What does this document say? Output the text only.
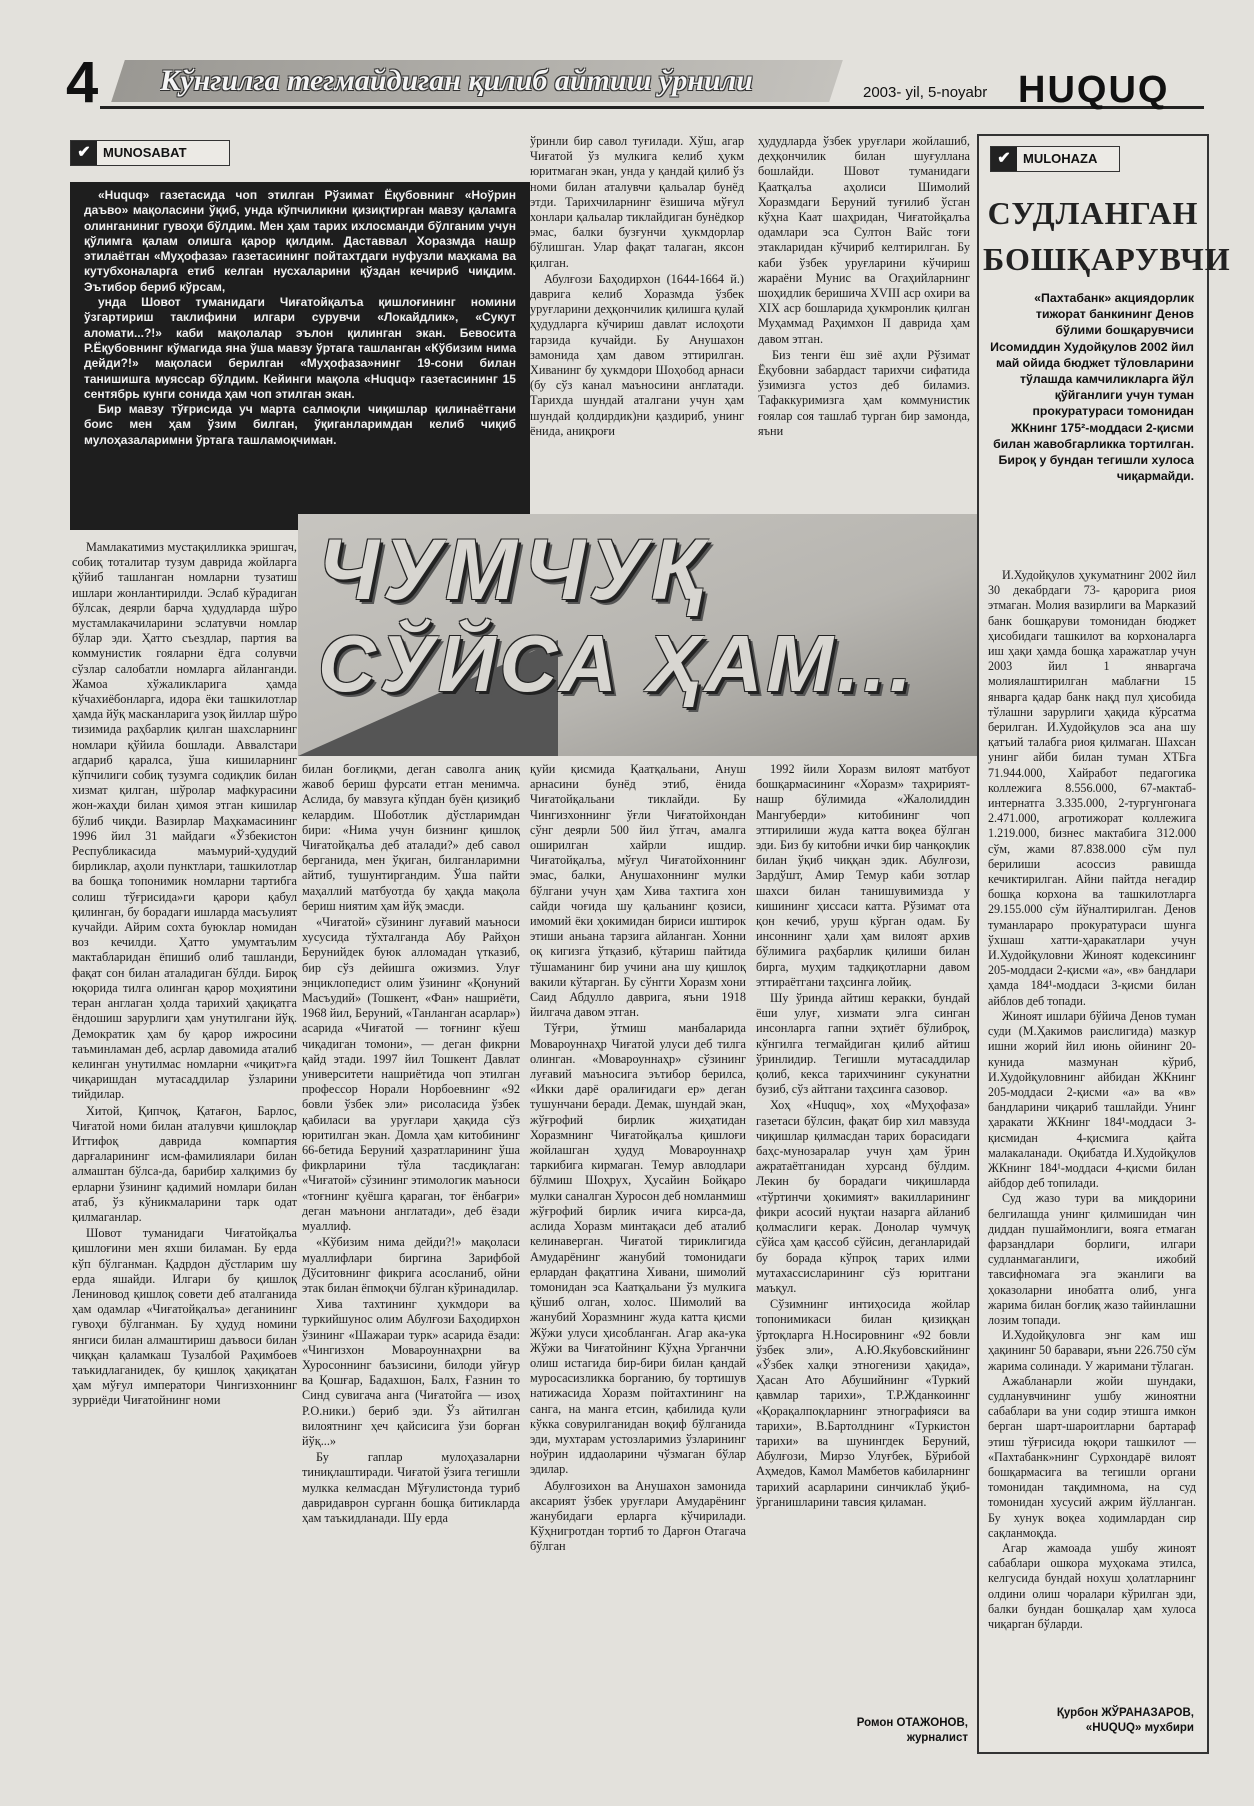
4 Кўнгилга тегмайдиган қилиб айтиш ўрнили	2003- yil, 5-noyabr HUQUQ
✔ MUNOSABAT

«Huquq» газетасида чоп этилган Рўзимат Ёқубовнинг «Ноўрин даъво» мақоласини ўқиб, унда кўпчиликни қизиқтирган мавзу қаламга олинганиниг гувоҳи бўлдим. Мен ҳам тарих ихлосманди бўлганим учун қўлимга қалам олишга қарор қилдим. Даставвал Хоразмда нашр этилаётган «Муҳофаза» газетасининг пойтахтдаги нуфузли маҳкама ва кутубхоналарга етиб келган нусхаларини қўздан кечириб чиқдим. Эътибор бериб кўрсам,

унда Шовот туманидаги Чиғатойқалъа қишлоғининг номини ўзгартириш таклифини илгари сурувчи «Локайдлик», «Сукут аломати...?!» каби мақолалар эълон қилинган экан. Бевосита Р.Ёқубовнинг кўмагида яна ўша мавзу ўртага ташланган «Кўбизим нима дейди?!» мақоласи берилган «Муҳофаза»нинг 19-сони билан танишишга муяссар бўлдим. Кейинги мақола «Huquq» газетасининг 15 сентябрь кунги сонида ҳам чоп этилган экан.

Бир мавзу тўғрисида уч марта салмоқли чиқишлар қилинаётгани боис мен ҳам ўзим билган, ўқиганларимдан келиб чиқиб мулоҳазаларимни ўртага ташламоқчиман.

ўринли бир савол туғилади. Хўш, агар Чиғатой ўз мулкига келиб ҳукм юритмаган экан, унда у қандай қилиб ўз номи билан аталувчи қальалар бунёд этди. Тарихчиларнинг ёзишича мўғул хонлари қальалар тиклайдиган бунёдкор эмас, балки бузғунчи ҳукмдорлар бўлишган. Улар фақат талаган, яксон қилган.

Абулғози Баҳодирхон (1644-1664 й.) даврига келиб Хоразмда ўзбек уруғларини деҳқончилик қилишга қулай ҳудудларга кўчириш давлат ислоҳоти тарзида кучайди. Бу Анушахон замонида ҳам давом эттирилган. Хиванинг бу ҳукмдори Шоҳобод арнаси (бу сўз канал маъносини англатади. Тарихда шундай аталгани учун ҳам шундай қолдирдик)ни қаздириб, унинг ёнида, аниқроғи

ҳудудларда ўзбек уруғлари жойлашиб, деҳқончилик билан шуғуллана бошлайди. Шовот туманидаги Қаатқалъа аҳолиси Шимолий Хоразмдаги Беруний туғилиб ўсган кўҳна Каат шаҳридан, Чиғатойқалъа одамлари эса Султон Вайс тоғи этакларидан кўчириб келтирилган. Бу каби ўзбек уруғларини кўчириш жараёни Мунис ва Огаҳийларнинг шоҳидлик беришича XVIII аср охири ва XIX аср бошларида ҳукмронлик қилган Муҳаммад Раҳимхон II даврида ҳам давом этган.

Биз тенги ёш зиё аҳли Рўзимат Ёқубовни забардаст тарихчи сифатида ўзимизга устоз деб биламиз. Тафаккуримизга ҳам коммунистик ғоялар соя ташлаб турган бир замонда, яъни

ЧУМЧУҚ
СЎЙСА ҲАМ...

Мамлакатимиз мустақилликка эришгач, собиқ тоталитар тузум даврида жойларга қўйиб ташланган номларни тузатиш ишлари жонлантирилди. Эслаб кўрадиган бўлсак, деярли барча ҳудудларда шўро мустамлакачиларини эслатувчи номлар бўлар эди. Ҳатто съездлар, партия ва коммунистик гояларни ёдга солувчи сўзлар салобатли номларга айланганди. Жамоа хўжаликларига ҳамда кўчахиёбонларга, идора ёки ташкилотлар ҳамда йўқ масканларига узоқ йиллар шўро тизимида раҳбарлик қилган шахсларнинг номлари қўйила бошлади. Аввалстари агдариб қаралса, ўша кишиларнинг кўпчилиги собиқ тузумга содиқлик билан хизмат қилган, шўролар мафкурасини жон-жаҳди билан ҳимоя этган кишилар бўлиб чиқди. Вазирлар Маҳкамасининг 1996 йил 31 майдаги «Ўзбекистон Республикасида маъмурий-ҳудудий бирликлар, аҳоли пунктлари, ташкилотлар ва бошқа топонимик номларни тартибга солиш тўғрисида»ги қарори қабул қилинган, бу борадаги ишларда масъулият кучайди. Айрим сохта буюклар номидан воз кечилди. Ҳатто умумтаълим мактабларидан ёпишиб олиб ташланди, фақат сон билан аталадиган бўлди. Бироқ юқорида тилга олинган қарор моҳиятини теран англаган ҳолда тарихий ҳақиқатга ёндошиш зарурлиги ҳам унутилгани йўқ. Демократик ҳам бу қарор ижросини таъминламан деб, асрлар давомида аталиб келинган унутилмас номларни «чиқит»га чиқаришдан мутасаддилар ўзларини тийдилар.

Хитой, Қипчоқ, Қатағон, Барлос, Чиғатой номи билан аталувчи қишлоқлар Иттифоқ даврида компартия дарғаларининг исм-фамилиялари билан алмаштан бўлса-да, барибир халқимиз бу ерларни ўзининг қадимий номлари билан атаб, ўз кўникмаларини тарк одат қилмаганлар.

Шовот туманидаги Чиғатойқалъа қишлоғини мен яхши биламан. Бу ерда кўп бўлганман. Қадрдон дўстларим шу ерда яшайди. Илгари бу қишлоқ Лениновод қишлоқ совети деб аталганида ҳам одамлар «Чиғатойқалъа» деганининг гувоҳи бўлганман. Бу ҳудуд номини янгиси билан алмаштириш даъвоси билан чиққан қаламкаш Тузалбой Раҳимбоев таъкидлаганидек, бу қишлоқ ҳақиқатан ҳам мўғул императори Чингизхоннинг зурриёди Чиғатойнинг номи

билан боғлиқми, деган саволга аниқ жавоб бериш фурсати етган менимча. Аслида, бу мавзуга кўпдан буён қизиқиб келардим. Шоботлик дўстларимдан бири: «Нима учун бизнинг қишлоқ Чиғатойқалъа деб аталади?» деб савол берганида, мен ўқиган, билганларимни айтиб, тушунтиргандим. Ўша пайти маҳаллий матбуотда бу ҳақда мақола бериш ниятим ҳам йўқ эмасди.

«Чиғатой» сўзининг луғавий маъноси хусусида тўхталганда Абу Райҳон Берунийдек буюк алломадан үтказиб, бир сўз дейишга ожизмиз. Улуғ энциклопедист олим ўзининг «Қонуний Масъудий» (Тошкент, «Фан» нашриёти, 1968 йил, Беруний, «Танланган асарлар») асарида «Чиғатой — тоғнинг кўеш чиқадиган томони», — деган фикрни қайд этади. 1997 йил Тошкент Давлат университети нашриётида чоп этилган профессор Норали Норбоевнинг «92 бовли ўзбек эли» рисоласида ўзбек қабиласи ва уруғлари ҳақида сўз юритилган экан. Домла ҳам китобининг 66-бетида Беруний ҳазратларининг ўша фикрларини тўла тасдиқлаган: «Чиғатой» сўзининг этимологик маъноси «тоғнинг қуёшга қараган, тоғ ёнбағри» деган маънони англатади», деб ёзади муаллиф.

«Кўбизим нима дейди?!» мақоласи муаллифлари биргина Зарифбой Дўситовнинг фикрига асосланиб, ойни этак билан ёпмоқчи бўлган кўринадилар.

Хива тахтининг ҳукмдори ва туркийшунос олим Абулғози Баҳодирхон ўзининг «Шажараи турк» асарида ёзади: «Чингизхон Мовароуннаҳрни ва Хуросоннинг баъзисини, билоди уйғур ва Қошғар, Бадахшон, Балх, Ғазнин то Синд сувигача анга (Чиғатойга — изоҳ Р.О.ники.) бериб эди. Ўз айтилган вилоятнинг ҳеч қайсисига ўзи борған йўқ...»

Бу гаплар мулоҳазаларни тиниқлаштиради. Чиғатой ўзига тегишли мулкка келмасдан Мўғулистонда туриб давридаврон сурганн бошқа битикларда ҳам таъкидланади. Шу ерда

қуйи қисмида Қаатқальани, Ануш арнасини бунёд этиб, ёнида Чиғатойқальани тиклайди. Бу Чингизхоннинг ўғли Чиғатойхондан сўнг деярли 500 йил ўтгач, амалга оширилган хайрли ишдир. Чиғатойқалъа, мўғул Чиғатойхоннинг эмас, балки, Анушахоннинг мулки бўлгани учун ҳам Хива тахтига хон сайди чоғида шу қальанинг қозиси, имомий ёки ҳокимидан бириси иштирок этиши аньана тарзига айланган. Хонни оқ кигизга ўтқазиб, кўтариш пайтида тўшаманинг бир учини ана шу қишлоқ вакили кўтарган. Бу сўнгги Хоразм хони Саид Абдулло даврига, яъни 1918 йилгача давом этган.

Тўғри, ўтмиш манбаларида Мовароуннаҳр Чиғатой улуси деб тилга олинган. «Мовароуннаҳр» сўзининг луғавий маъносига эътибор берилса, «Икки дарё оралиғидаги ер» деган тушунчани беради. Демак, шундай экан, жўғрофий бирлик жиҳатидан Хоразмнинг Чиғатойқалъа қишлоғи жойлашган ҳудуд Мовароуннаҳр таркибига кирмаган. Темур авлодлари бўлмиш Шоҳрух, Ҳусайин Бойқаро мулки саналган Хуросон деб номланмиш жўғрофий бирлик ичига кирса-да, аслида Хоразм минтақаси деб аталиб келинаверган. Чиғатой тириклигида Амударёнинг жанубий томонидаги ерлардан фақатгина Хивани, шимолий томонидан эса Каатқальани ўз мулкига қўшиб олган, холос. Шимолий ва жанубий Хоразмнинг жуда катта қисми Жўжи улуси ҳисобланган. Агар ака-ука Жўжи ва Чиғатойнинг Кўҳна Урганчни олиш истагида бир-бири билан қандай муросасизликка борганию, бу тортишув натижасида Хоразм пойтахтининг на санга, на манга етсин, қабилида қули кўкка совурилганидан воқиф бўлганида эди, мухтарам устозларимиз ўзларининг ноўрин иддаоларини чўзмаган бўлар эдилар.

Абулғозихон ва Анушахон замонида аксарият ўзбек уруғлари Амударёнинг жанубидаги ерларга кўчирилади. Кўҳнигротдан тортиб то Дарғон Отагача бўлган

1992 йили Хоразм вилоят матбуот бошқармасининг «Хоразм» таҳририят-нашр бўлимида «Жалолиддин Мангуберди» китобининг чоп эттирилиши жуда катта воқеа бўлган эди. Биз бу китобни ички бир чанқоқлик билан ўқиб чиққан эдик. Абулғози, Зардўшт, Амир Темур каби зотлар шахси билан танишувимизда у кишининг ҳиссаси катта. Рўзимат ота қон кечиб, уруш кўрган одам. Бу инсоннинг ҳали ҳам вилоят архив бўлимига раҳбарлик қилиши билан бирга, муҳим тадқиқотларни давом эттираётгани таҳсинга лойиқ.

Шу ўринда айтиш керакки, бундай ёши улуғ, хизмати элга синган инсонларга гапни эҳтиёт бўлиброқ, кўнгилга тегмайдиган қилиб айтиш ўринлидир. Тегишли мутасаддилар қолиб, кекса тарихчининг сукунатни бузиб, сўз айтгани таҳсинга сазовор.

Хоҳ «Huquq», хоҳ «Муҳофаза» газетаси бўлсин, фақат бир хил мавзуда чиқишлар қилмасдан тарих борасидаги баҳс-мунозаралар учун ҳам ўрин ажратаётганидан хурсанд бўлдим. Лекин бу борадаги чиқишларда «тўртинчи ҳокимият» вакилларининг фикри асосий нуқтаи назарга айланиб қолмаслиги керак. Донолар чумчуқ сўйса ҳам қассоб сўйсин, деганларидай бу борада кўпроқ тарих илми мутахассисларининг сўз юритгани маъқул.

Сўзимнинг интиҳосида жойлар топонимикаси билан қизиққан ўртоқларга Н.Носировнинг «92 бовли ўзбек эли», А.Ю.Якубовскийнинг «Ўзбек халқи этногенизи ҳақида», Ҳасан Ато Абушийнинг «Туркий қавмлар тарихи», Т.Р.Жданкоиннг «Қорақалпоқларнинг этнографияси ва тарихи», В.Бартолднинг «Туркистон тарихи» ва шунингдек Беруний, Абулғози, Мирзо Улуғбек, Бўрибой Аҳмедов, Камол Мамбетов кабиларнинг тарихий асарларини синчиклаб ўқиб-ўрганишларини тавсия қиламан.

Ромон ОТАЖОНОВ,
журналист
✔ MULOHAZA
СУДЛАНГАН
БОШҚАРУВЧИ
«Пахтабанк» акциядорлик тижорат банкининг Денов бўлими бошқарувчиси Исомиддин Худойқулов 2002 йил май ойида бюджет тўловларини тўлашда камчиликларга йўл қўйганлиги учун туман прокуратураси томонидан ЖКнинг 175²-моддаси 2-қисми билан жавобгарликка тортилган. Бироқ у бундан тегишли хулоса чиқармайди.

И.Худойқулов ҳукуматнинг 2002 йил 30 декабрдаги 73- қарорига риоя этмаган. Молия вазирлиги ва Марказий банк бошқаруви томонидан бюджет ҳисобидаги ташкилот ва корхоналарга иш ҳақи ҳамда бошқа харажатлар учун 2003 йил 1 январгача молиялаштирилган маблағни 15 январга қадар банк нақд пул ҳисобида тўлашни зарурлиги ҳақида кўрсатма берилган. И.Худойқулов эса ана шу қатъий талабга риоя қилмаган. Шахсан унинг айби билан туман ХТБга 71.944.000, Хайработ педагогика коллежига 8.556.000, 67-мактаб-интернатга 3.335.000, 2-тургунгонага 2.471.000, агротижорат коллежига 1.219.000, бизнес мактабига 312.000 сўм, жами 87.838.000 сўм пул берилиши асоссиз равишда кечиктирилган. Айни пайтда неғадир бошқа корхона ва ташкилотларга 29.155.000 сўм йўналтирилган. Денов туманлараро прокуратураси шунга ўхшаш хатти-ҳаракатлари учун И.Худойқуловни Жиноят кодексининг 205-моддаси 2-қисми «а», «в» бандлари ҳамда 184¹-моддаси 3-қисми билан айблов деб топади.

Жиноят ишлари бўйича Денов туман суди (М.Ҳакимов раислигида) мазкур ишни жорий йил июнь ойининг 20-кунида мазмунан кўриб, И.Худойқуловнинг айбидан ЖКнинг 205-моддаси 2-қисми «а» ва «в» бандларини чиқариб ташлайди. Унинг ҳаракати ЖКнинг 184¹-моддаси 3-қисмидан 4-қисмига қайта малакаланади. Оқибатда И.Худойқулов ЖКнинг 184¹-моддаси 4-қисми билан айбдор деб топилади.

Суд жазо тури ва миқдорини белгилашда унинг қилмишидан чин диддан пушаймонлиги, вояга етмаган фарзандлари борлиги, илгари судланмаганлиги, ижобий тавсифномага эга эканлиги ва ҳоказоларни инобатга олиб, унга жарима билан боғлиқ жазо тайинлашни лозим топади.

И.Худойқуловга энг кам иш ҳақининг 50 баравари, яъни 226.750 сўм жарима солинади. У жаримани тўлаган.

Ажабланарли жойи шундаки, судланувчининг ушбу жиноятни сабаблари ва уни содир этишга имкон берган шарт-шароитларни бартараф этиш тўғрисида юқори ташкилот — «Пахтабанк»нинг Сурхондарё вилоят бошқармасига ва тегишли органи томонидан тақдимнома, на суд томонидан хусусий ажрим йўлланган. Бу хунук воқеа ходимлардан сир сақланмоқда.

Агар жамоада ушбу жиноят сабаблари ошкора муҳокама этилса, келгусида бундай ноxуш ҳолатларнинг олдини олиш чоралари кўрилган эди, балки бундан бошқалар ҳам хулоса чиқарган бўларди.

Қурбон ЖЎРАНАЗАРОВ,
«HUQUQ» мухбири
